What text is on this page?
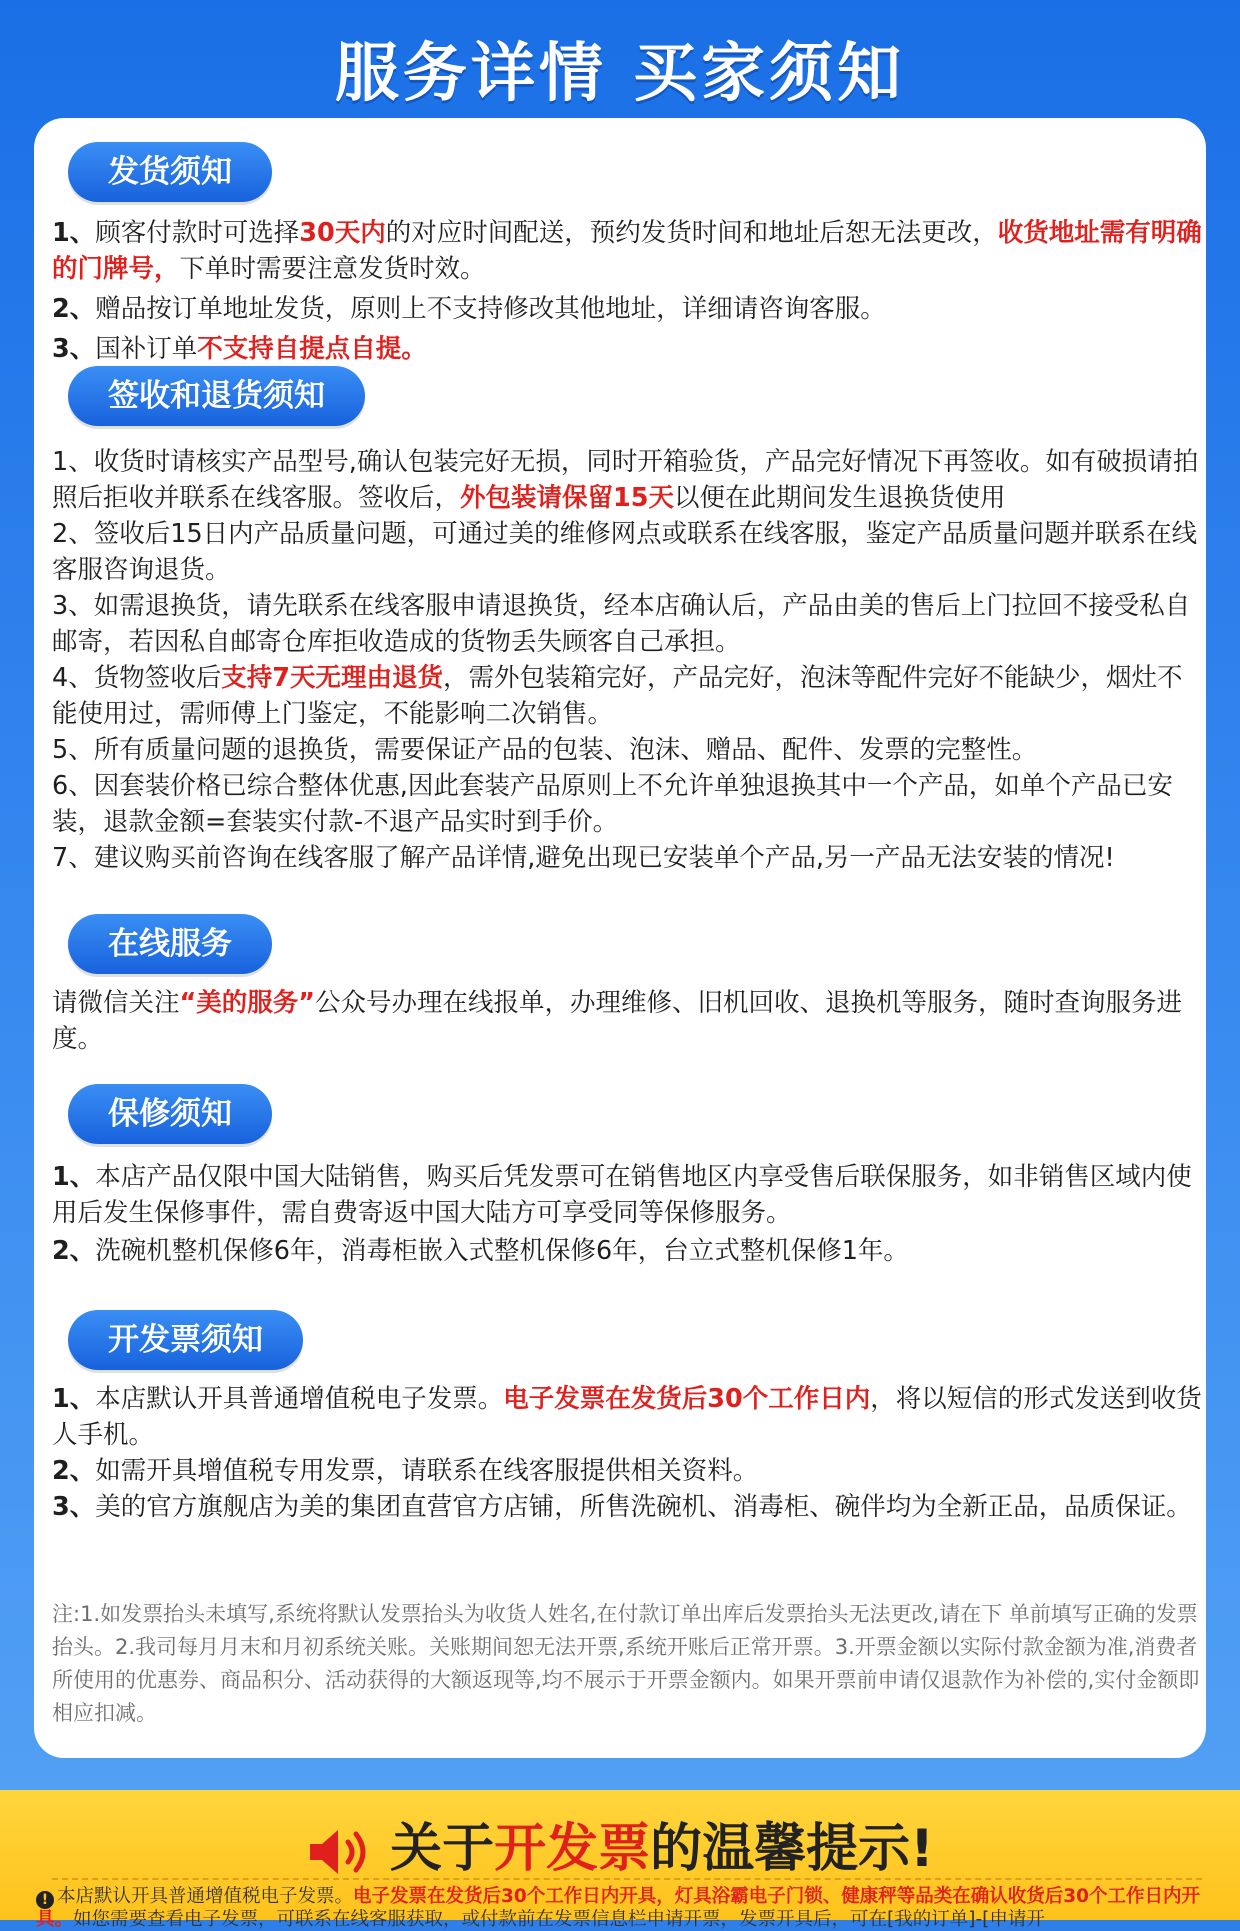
服务详情 买家须知
发货须知

1、顾客付款时可选择30天内的对应时间配送，预约发货时间和地址后恕无法更改，收货地址需有明确的门牌号，下单时需要注意发货时效。

2、赠品按订单地址发货，原则上不支持修改其他地址，详细请咨询客服。

3、国补订单不支持自提点自提。

签收和退货须知

1、收货时请核实产品型号,确认包装完好无损，同时开箱验货，产品完好情况下再签收。如有破损请拍照后拒收并联系在线客服。签收后，外包装请保留15天以便在此期间发生退换货使用

2、签收后15日内产品质量问题，可通过美的维修网点或联系在线客服，鉴定产品质量问题并联系在线客服咨询退货。

3、如需退换货，请先联系在线客服申请退换货，经本店确认后，产品由美的售后上门拉回不接受私自邮寄，若因私自邮寄仓库拒收造成的货物丢失顾客自己承担。

4、货物签收后支持7天无理由退货，需外包装箱完好，产品完好，泡沫等配件完好不能缺少，烟灶不能使用过，需师傅上门鉴定，不能影响二次销售。

5、所有质量问题的退换货，需要保证产品的包装、泡沫、赠品、配件、发票的完整性。

6、因套装价格已综合整体优惠,因此套装产品原则上不允许单独退换其中一个产品，如单个产品已安装，退款金额=套装实付款-不退产品实时到手价。

7、建议购买前咨询在线客服了解产品详情,避免出现已安装单个产品,另一产品无法安装的情况!

在线服务

请微信关注“美的服务”公众号办理在线报单，办理维修、旧机回收、退换机等服务，随时查询服务进度。

保修须知

1、本店产品仅限中国大陆销售，购买后凭发票可在销售地区内享受售后联保服务，如非销售区域内使用后发生保修事件，需自费寄返中国大陆方可享受同等保修服务。

2、洗碗机整机保修6年，消毒柜嵌入式整机保修6年，台立式整机保修1年。

开发票须知

1、本店默认开具普通增值税电子发票。电子发票在发货后30个工作日内，将以短信的形式发送到收货人手机。

2、如需开具增值税专用发票，请联系在线客服提供相关资料。

3、美的官方旗舰店为美的集团直营官方店铺，所售洗碗机、消毒柜、碗伴均为全新正品，品质保证。

注:1.如发票抬头未填写,系统将默认发票抬头为收货人姓名,在付款订单出库后发票抬头无法更改,请在下 单前填写正确的发票抬头。2.我司每月月末和月初系统关账。关账期间恕无法开票,系统开账后正常开票。3.开票金额以实际付款金额为准,消费者所使用的优惠券、商品积分、活动获得的大额返现等,均不展示于开票金额内。如果开票前申请仅退款作为补偿的,实付金额即相应扣减。

关于开发票的温馨提示!
! 本店默认开具普通增值税电子发票。电子发票在发货后30个工作日内开具，灯具浴霸电子门锁、健康秤等品类在确认收货后30个工作日内开具。如您需要查看电子发票，可联系在线客服获取，或付款前在发票信息栏申请开票，发票开具后，可在[我的订单]-[申请开
